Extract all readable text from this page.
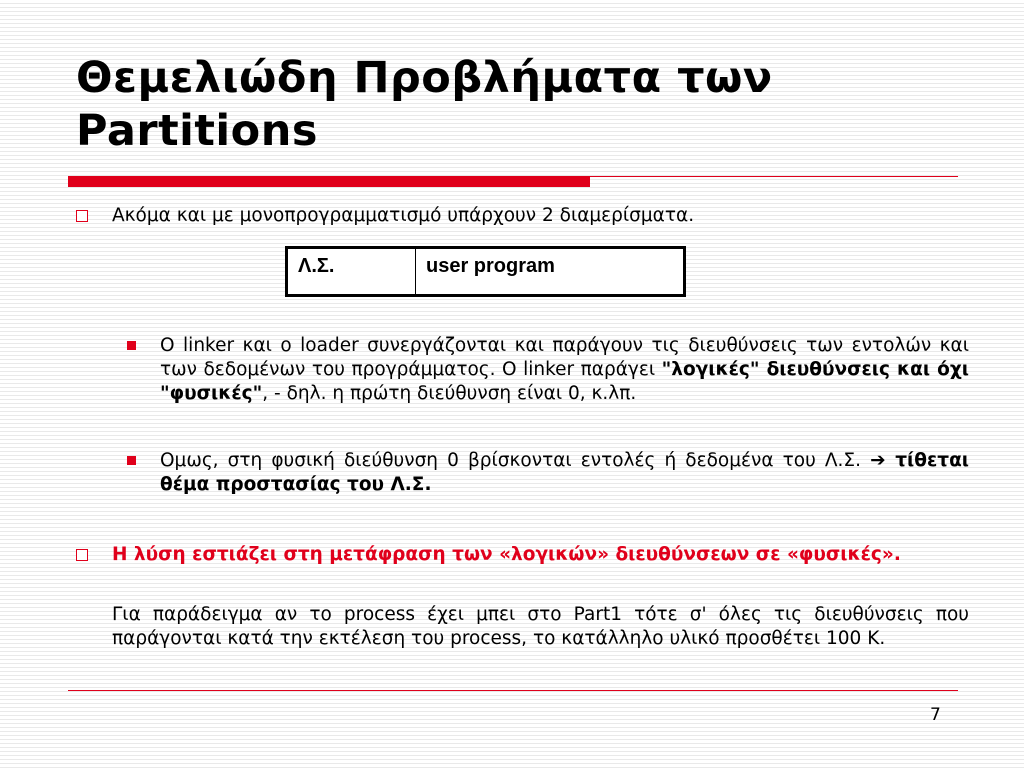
Θεμελιώδη Προβλήματα των
Partitions
Ακόμα και με μονοπρογραμματισμό υπάρχουν 2 διαμερίσματα.
Λ.Σ.	user program
O linker και ο loader συνεργάζονται και παράγουν τις διευθύνσεις των εντολών και των δεδομένων του προγράμματος. O linker παράγει "λογικές" διευθύνσεις και όχι "φυσικές", - δηλ. η πρώτη διεύθυνση είναι 0, κ.λπ.
Ομως, στη φυσική διεύθυνση 0 βρίσκονται εντολές ή δεδομένα του Λ.Σ. ➔ τίθεται θέμα προστασίας του Λ.Σ.
Η λύση εστιάζει στη μετάφραση των «λογικών» διευθύνσεων σε «φυσικές».
Για παράδειγμα αν το process έχει μπει στο Part1 τότε σ' όλες τις διευθύνσεις που παράγονται κατά την εκτέλεση του process, το κατάλληλο υλικό προσθέτει 100 Κ.
7
